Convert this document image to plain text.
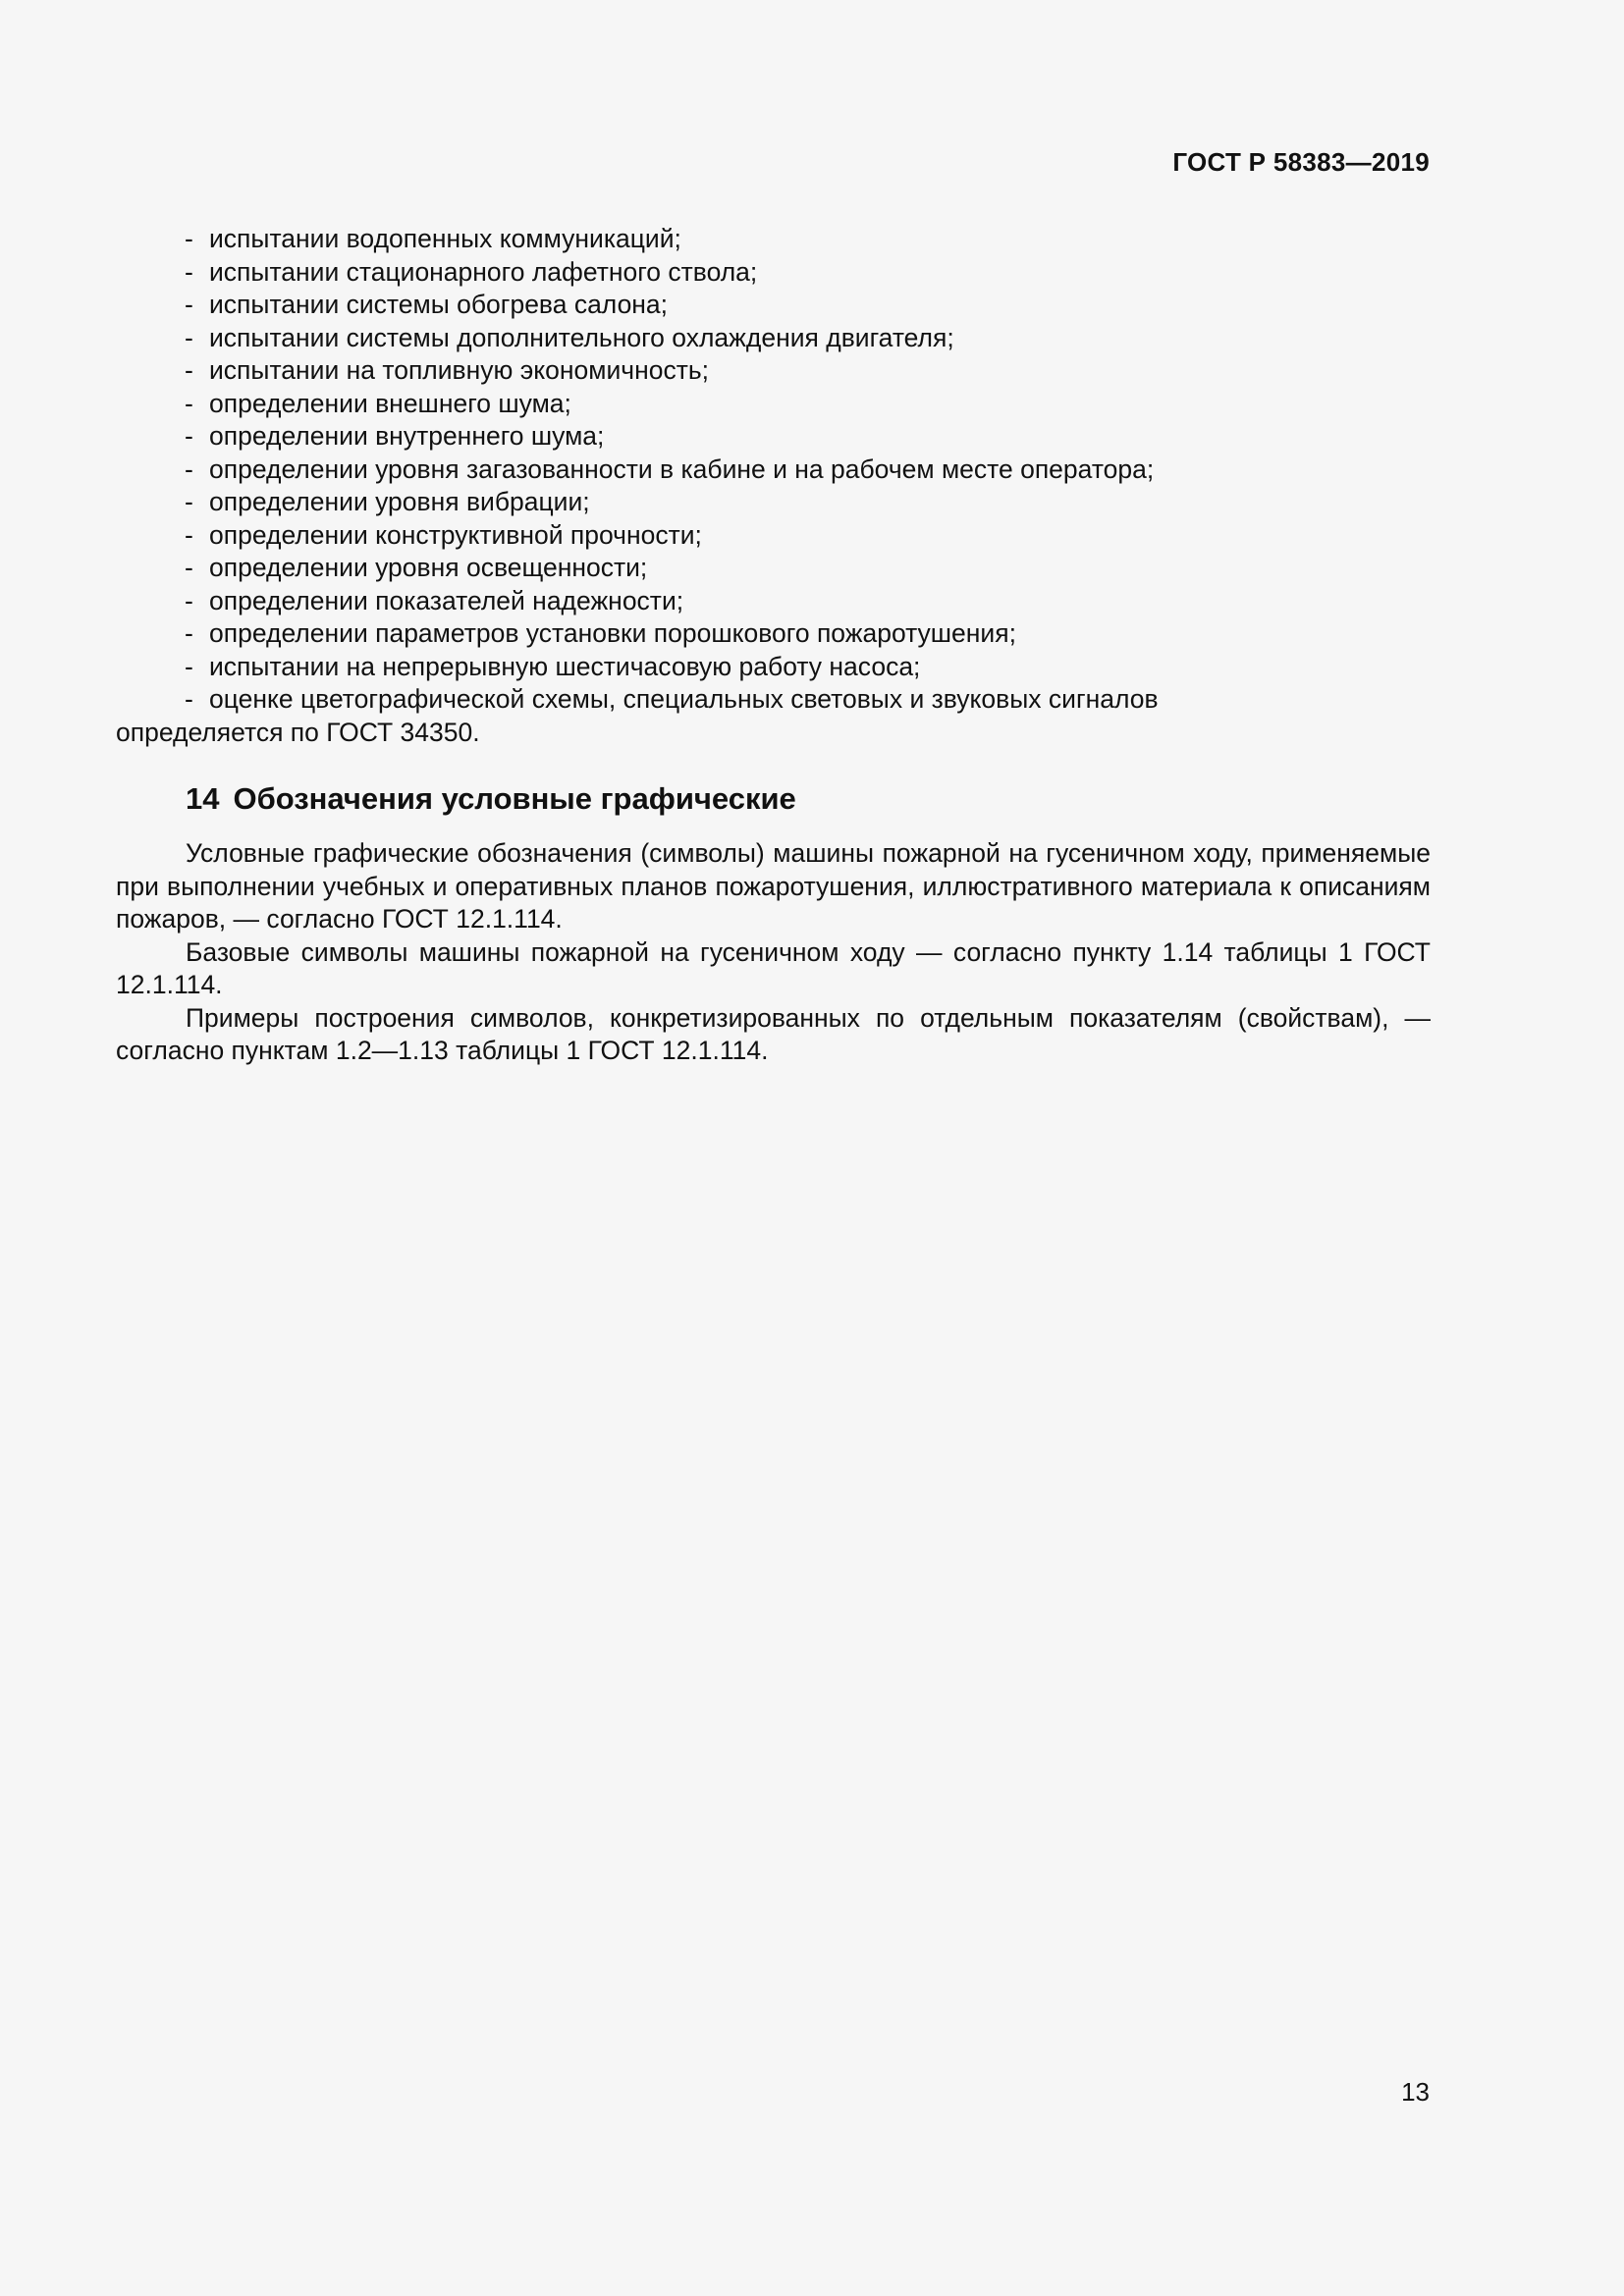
ГОСТ Р 58383—2019
- испытании водопенных коммуникаций;
- испытании стационарного лафетного ствола;
- испытании системы обогрева салона;
- испытании системы дополнительного охлаждения двигателя;
- испытании на топливную экономичность;
- определении внешнего шума;
- определении внутреннего шума;
- определении уровня загазованности в кабине и на рабочем месте оператора;
- определении уровня вибрации;
- определении конструктивной прочности;
- определении уровня освещенности;
- определении показателей надежности;
- определении параметров установки порошкового пожаротушения;
- испытании на непрерывную шестичасовую работу насоса;
- оценке цветографической схемы, специальных световых и звуковых сигналов

определяется по ГОСТ 34350.

14 Обозначения условные графические

Условные графические обозначения (символы) машины пожарной на гусеничном ходу, применяемые при выполнении учебных и оперативных планов пожаротушения, иллюстративного материала к описаниям пожаров, — согласно ГОСТ 12.1.114.

Базовые символы машины пожарной на гусеничном ходу — согласно пункту 1.14 таблицы 1 ГОСТ 12.1.114.

Примеры построения символов, конкретизированных по отдельным показателям (свойствам), — согласно пунктам 1.2—1.13 таблицы 1 ГОСТ 12.1.114.

13
